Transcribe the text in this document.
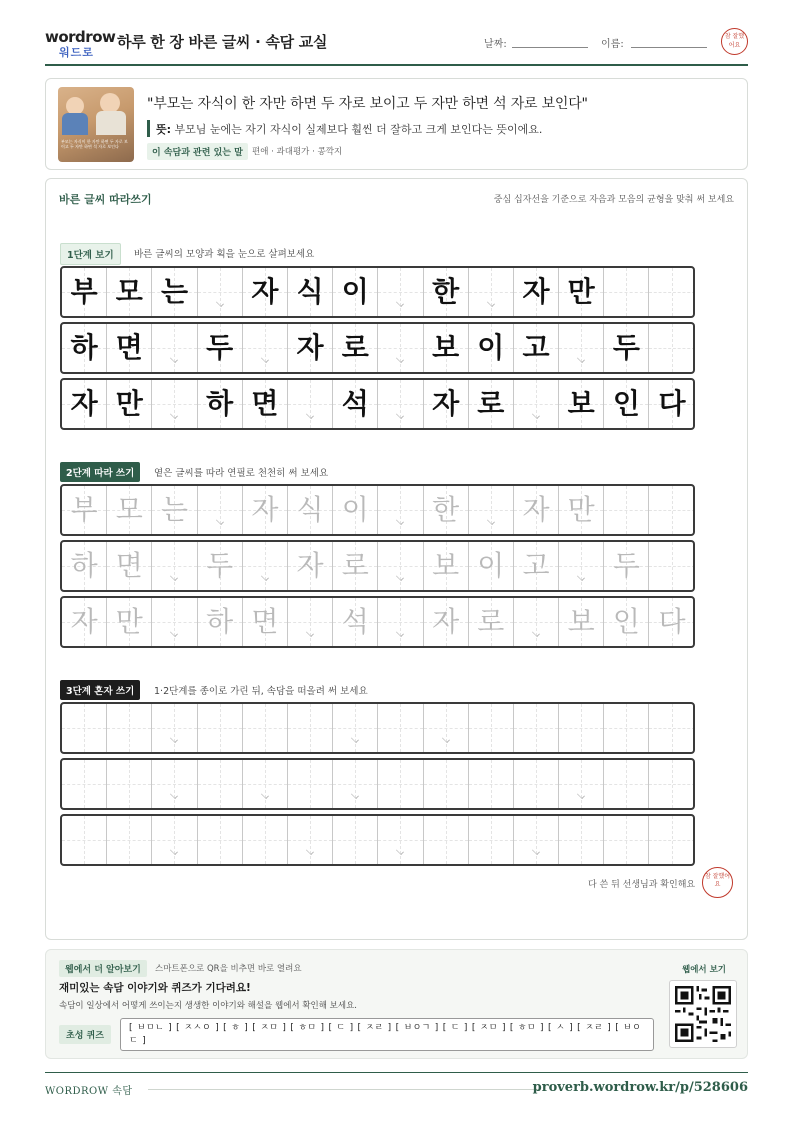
wordrow
워드로
하루 한 장 바른 글씨 · 속담 교실	날짜:	이름:
참 잘했어요
부모는 자식이 한 자만 하면 두 자로 보이고 두 자만 하면 석 자로 보인다
"부모는 자식이 한 자만 하면 두 자로 보이고 두 자만 하면 석 자로 보인다"
뜻: 부모님 눈에는 자기 자식이 실제보다 훨씬 더 잘하고 크게 보인다는 뜻이에요.
이 속담과 관련 있는 말	편애 · 과대평가 · 콩깍지
바른 글씨 따라쓰기	중심 십자선을 기준으로 자음과 모음의 균형을 맞춰 써 보세요
1단계 보기	바른 글씨의 모양과 획을 눈으로 살펴보세요
2단계 따라 쓰기	옅은 글씨를 따라 연필로 천천히 써 보세요
3단계 혼자 쓰기	1·2단계를 종이로 가린 뒤, 속담을 떠올려 써 보세요
부 모 는 자 식 이 한 자 만
하 면 두 자 로 보 이 고 두
자 만 하 면 석 자 로 보 인 다
부 모 는 자 식 이 한 자 만
하 면 두 자 로 보 이 고 두
자 만 하 면 석 자 로 보 인 다
다 쓴 뒤 선생님과 확인해요
참 잘했어요
웹에서 더 알아보기	스마트폰으로 QR을 비추면 바로 열려요
재미있는 속담 이야기와 퀴즈가 기다려요!
속담이 일상에서 어떻게 쓰이는지 생생한 이야기와 해설을 웹에서 확인해 보세요.
초성 퀴즈
[ ㅂㅁㄴ ] [ ㅈㅅㅇ ] [ ㅎ ] [ ㅈㅁ ] [ ㅎㅁ ] [ ㄷ ] [ ㅈㄹ ] [ ㅂㅇㄱ ] [ ㄷ ] [ ㅈㅁ ] [ ㅎㅁ ] [ ㅅ ] [ ㅈㄹ ] [ ㅂㅇㄷ ]
웹에서 보기
WORDROW 속담	proverb.wordrow.kr/p/528606
